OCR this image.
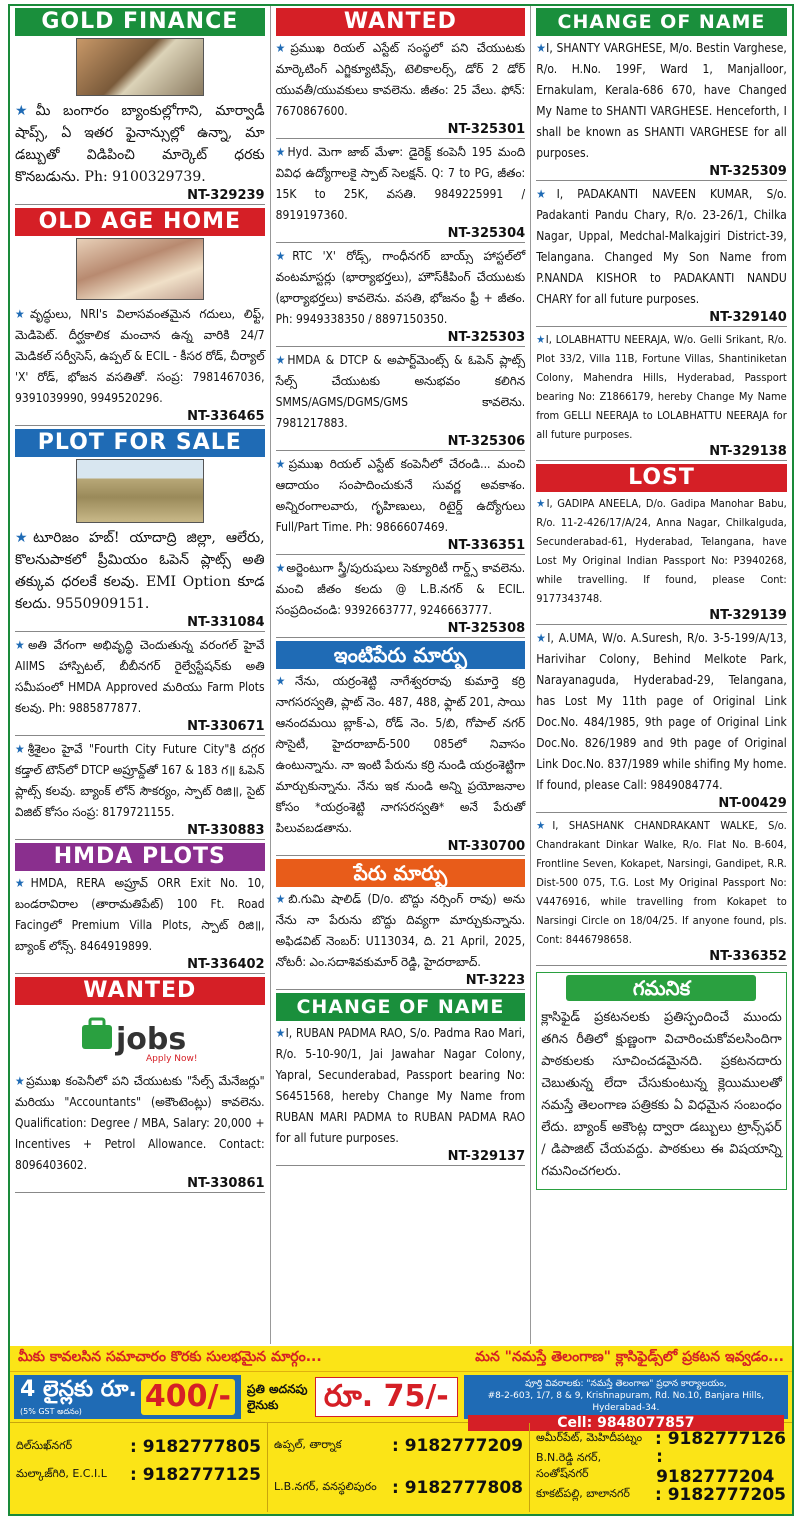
GOLD FINANCE
★మీ బంగారం బ్యాంకుల్లోగాని, మార్వాడీ షాప్స్, ఏ ఇతర ఫైనాన్సుల్లో ఉన్నా, మా డబ్బుతో విడిపించి మార్కెట్ ధరకు కొనబడును. Ph: 9100329739.
NT-329239
OLD AGE HOME
★వృద్ధులు, NRI's విలాసవంతమైన గదులు, లిఫ్ట్, మెడిపెట్. దీర్ఘకాలిక మంచాన ఉన్న వారికి 24/7 మెడికల్ సర్వీసెస్, ఉప్పల్ & ECIL - కీసర రోడ్, చీర్యాల్ 'X' రోడ్, భోజన వసతితో. సంప్ర: 7981467036, 9391039990, 9949520296.
NT-336465
PLOT FOR SALE
★టూరిజం హబ్! యాదాద్రి జిల్లా, ఆలేరు, కొలనుపాకలో ప్రీమియం ఓపెన్ ప్లాట్స్ అతి తక్కువ ధరలకే కలవు. EMI Option కూడ కలదు. 9550909151.
NT-331084
★అతి వేగంగా అభివృద్ధి చెందుతున్న వరంగల్ హైవే AIIMS హాస్పిటల్, బీబీనగర్ రైల్వేస్టేషన్‌కు అతి సమీపంలో HMDA Approved మరియు Farm Plots కలవు. Ph: 9885877877.
NT-330671
★శ్రీశైలం హైవే "Fourth City Future City"కి దగ్గర కడ్తాల్ టౌన్‌లో DTCP అప్రూవ్డ్‌తో 167 & 183 గ॥ ఓపెన్ ప్లాట్స్ కలవు. బ్యాంక్ లోన్ సౌకర్యం, స్పాట్ రిజి॥, సైట్ విజిట్ కోసం సంప్ర: 8179721155.
NT-330883
HMDA PLOTS
★HMDA, RERA అప్రూవ్ ORR Exit No. 10, బండరావిరాల (తారామతిపేట్) 100 Ft. Road Facingలో Premium Villa Plots, స్పాట్ రిజి॥, బ్యాంక్ లోన్స్. 8464919899.
NT-336402
WANTED
jobs
Apply Now!
★ప్రముఖ కంపెనీలో పని చేయుటకు "సేల్స్ మేనేజర్లు" మరియు "Accountants" (అకౌంటెంట్లు) కావలెను. Qualification: Degree / MBA, Salary: 20,000 + Incentives + Petrol Allowance. Contact: 8096403602.
NT-330861
WANTED
★ప్రముఖ రియల్ ఎస్టేట్ సంస్థలో పని చేయుటకు మార్కెటింగ్ ఎగ్జిక్యూటివ్స్, టెలికాలర్స్, డోర్ 2 డోర్ యువతీ/యువకులు కావలెను. జీతం: 25 వేలు. ఫోన్: 7670867600.
NT-325301
★Hyd. మెగా జాబ్ మేళా: డైరెక్ట్ కంపెనీ 195 మంది వివిధ ఉద్యోగాలకై స్పాట్ సెలక్షన్. Q: 7 to PG, జీతం: 15K to 25K, వసతి. 9849225991 / 8919197360.
NT-325304
★RTC 'X' రోడ్స్, గాంధీనగర్ బాయ్స్ హాస్టల్‌లో వంటమాస్టర్లు (భార్యాభర్తలు), హౌస్‌కీపింగ్ చేయుటకు (భార్యాభర్తలు) కావలెను. వసతి, భోజనం ఫ్రీ + జీతం. Ph: 9949338350 / 8897150350.
NT-325303
★HMDA & DTCP & అపార్ట్‌మెంట్స్ & ఓపెన్ ప్లాట్స్ సేల్స్ చేయుటకు అనుభవం కలిగిన SMMS/AGMS/DGMS/GMS కావలెను. 7981217883.
NT-325306
★ప్రముఖ రియల్ ఎస్టేట్ కంపెనీలో చేరండి... మంచి ఆదాయం సంపాదించుకునే సువర్ణ అవకాశం. అన్నిరంగాలవారు, గృహిణులు, రిటైర్డ్ ఉద్యోగులు Full/Part Time. Ph: 9866607469.
NT-336351
★అర్జెంటుగా స్త్రీ/పురుషులు సెక్యూరిటీ గార్డ్స్ కావలెను. మంచి జీతం కలదు @ L.B.నగర్ & ECIL. సంప్రదించండి: 9392663777, 9246663777.
NT-325308
ఇంటిపేరు మార్పు
★నేను, యర్రంశెట్టి నాగేశ్వరరావు కుమార్తె కర్రి నాగసరస్వతి, ప్లాట్ నెం. 487, 488, ఫ్లాట్ 201, సాయి ఆనందమయి బ్లాక్-ఎ, రోడ్ నెం. 5/బి, గోపాల్ నగర్ సొసైటీ, హైదరాబాద్-500 085లో నివాసం ఉంటున్నాను. నా ఇంటి పేరును కర్రి నుండి యర్రంశెట్టిగా మార్చుకున్నాను. నేను ఇక నుండి అన్ని ప్రయోజనాల కోసం *యర్రంశెట్టి నాగసరస్వతి* అనే పేరుతో పిలువబడతాను.
NT-330700
పేరు మార్పు
★బి.గుమి షాలిడ్ (D/o. బొద్దు నర్సింగ్ రావు) అను నేను నా పేరును బొద్దు దివ్యగా మార్చుకున్నాను. అఫిడవిట్ నెంబర్: U113034, ది. 21 April, 2025, నోటరీ: ఎం.సదాశివకుమార్ రెడ్డి, హైదరాబాద్.
NT-3223
CHANGE OF NAME
★I, RUBAN PADMA RAO, S/o. Padma Rao Mari, R/o. 5-10-90/1, Jai Jawahar Nagar Colony, Yapral, Secunderabad, Passport bearing No: S6451568, hereby Change My Name from RUBAN MARI PADMA to RUBAN PADMA RAO for all future purposes.
NT-329137
CHANGE OF NAME
★I, SHANTY VARGHESE, M/o. Bestin Varghese, R/o. H.No. 199F, Ward 1, Manjalloor, Ernakulam, Kerala-686 670, have Changed My Name to SHANTI VARGHESE. Henceforth, I shall be known as SHANTI VARGHESE for all purposes.
NT-325309
★I, PADAKANTI NAVEEN KUMAR, S/o. Padakanti Pandu Chary, R/o. 23-26/1, Chilka Nagar, Uppal, Medchal-Malkajgiri District-39, Telangana. Changed My Son Name from P.NANDA KISHOR to PADAKANTI NANDU CHARY for all future purposes.
NT-329140
★I, LOLABHATTU NEERAJA, W/o. Gelli Srikant, R/o. Plot 33/2, Villa 11B, Fortune Villas, Shantiniketan Colony, Mahendra Hills, Hyderabad, Passport bearing No: Z1866179, hereby Change My Name from GELLI NEERAJA to LOLABHATTU NEERAJA for all future purposes.
NT-329138
LOST
★I, GADIPA ANEELA, D/o. Gadipa Manohar Babu, R/o. 11-2-426/17/A/24, Anna Nagar, Chilkalguda, Secunderabad-61, Hyderabad, Telangana, have Lost My Original Indian Passport No: P3940268, while travelling. If found, please Cont: 9177343748.
NT-329139
★I, A.UMA, W/o. A.Suresh, R/o. 3-5-199/A/13, Harivihar Colony, Behind Melkote Park, Narayanaguda, Hyderabad-29, Telangana, has Lost My 11th page of Original Link Doc.No. 484/1985, 9th page of Original Link Doc.No. 826/1989 and 9th page of Original Link Doc.No. 837/1989 while shifing My home. If found, please Call: 9849084774.
NT-00429
★I, SHASHANK CHANDRAKANT WALKE, S/o. Chandrakant Dinkar Walke, R/o. Flat No. B-604, Frontline Seven, Kokapet, Narsingi, Gandipet, R.R. Dist-500 075, T.G. Lost My Original Passport No: V4476916, while travelling from Kokapet to Narsingi Circle on 18/04/25. If anyone found, pls. Cont: 8446798658.
NT-336352
గమనిక
క్లాసిఫైడ్ ప్రకటనలకు ప్రతిస్పందించే ముందు తగిన రీతిలో క్షుణ్ణంగా విచారించుకోవలసిందిగా పాఠకులకు సూచించడమైనది. ప్రకటనదారు చెబుతున్న లేదా చేసుకుంటున్న క్లెయిములతో నమస్తే తెలంగాణ పత్రికకు ఏ విధమైన సంబంధం లేదు. బ్యాంక్ అకౌంట్ల ద్వారా డబ్బులు ట్రాన్స్‌ఫర్ / డిపాజిట్ చేయవద్దు. పాఠకులు ఈ విషయాన్ని గమనించగలరు.
మీకు కావలసిన సమాచారం కొరకు సులభమైన మార్గం...	మన "నమస్తే తెలంగాణ" క్లాసిఫైడ్స్‌లో ప్రకటన ఇవ్వడం...
4 లైన్లకు రూ.
(5% GST అదనం)	400/-	ప్రతి అదనపు లైనుకు	రూ. 75/-	పూర్తి వివరాలకు: "నమస్తే తెలంగాణ" ప్రధాన కార్యాలయం,
#8-2-603, 1/7, 8 & 9, Krishnapuram, Rd. No.10, Banjara Hills, Hyderabad-34.
Cell: 9848077857
దిల్‌సుఖ్‌నగర్	: 9182777805
మల్కాజ్‌గిరి, E.C.I.L : 9182777125
ఉప్పల్, తార్నాక	: 9182777209
L.B.నగర్, వనస్థలిపురం : 9182777808
అమీర్‌పేట్, మెహిదీపట్నం : 9182777126
B.N.రెడ్డి నగర్, సంతోష్‌నగర్
: 9182777204
కూకట్‌పల్లి, బాలానగర్ : 9182777205
